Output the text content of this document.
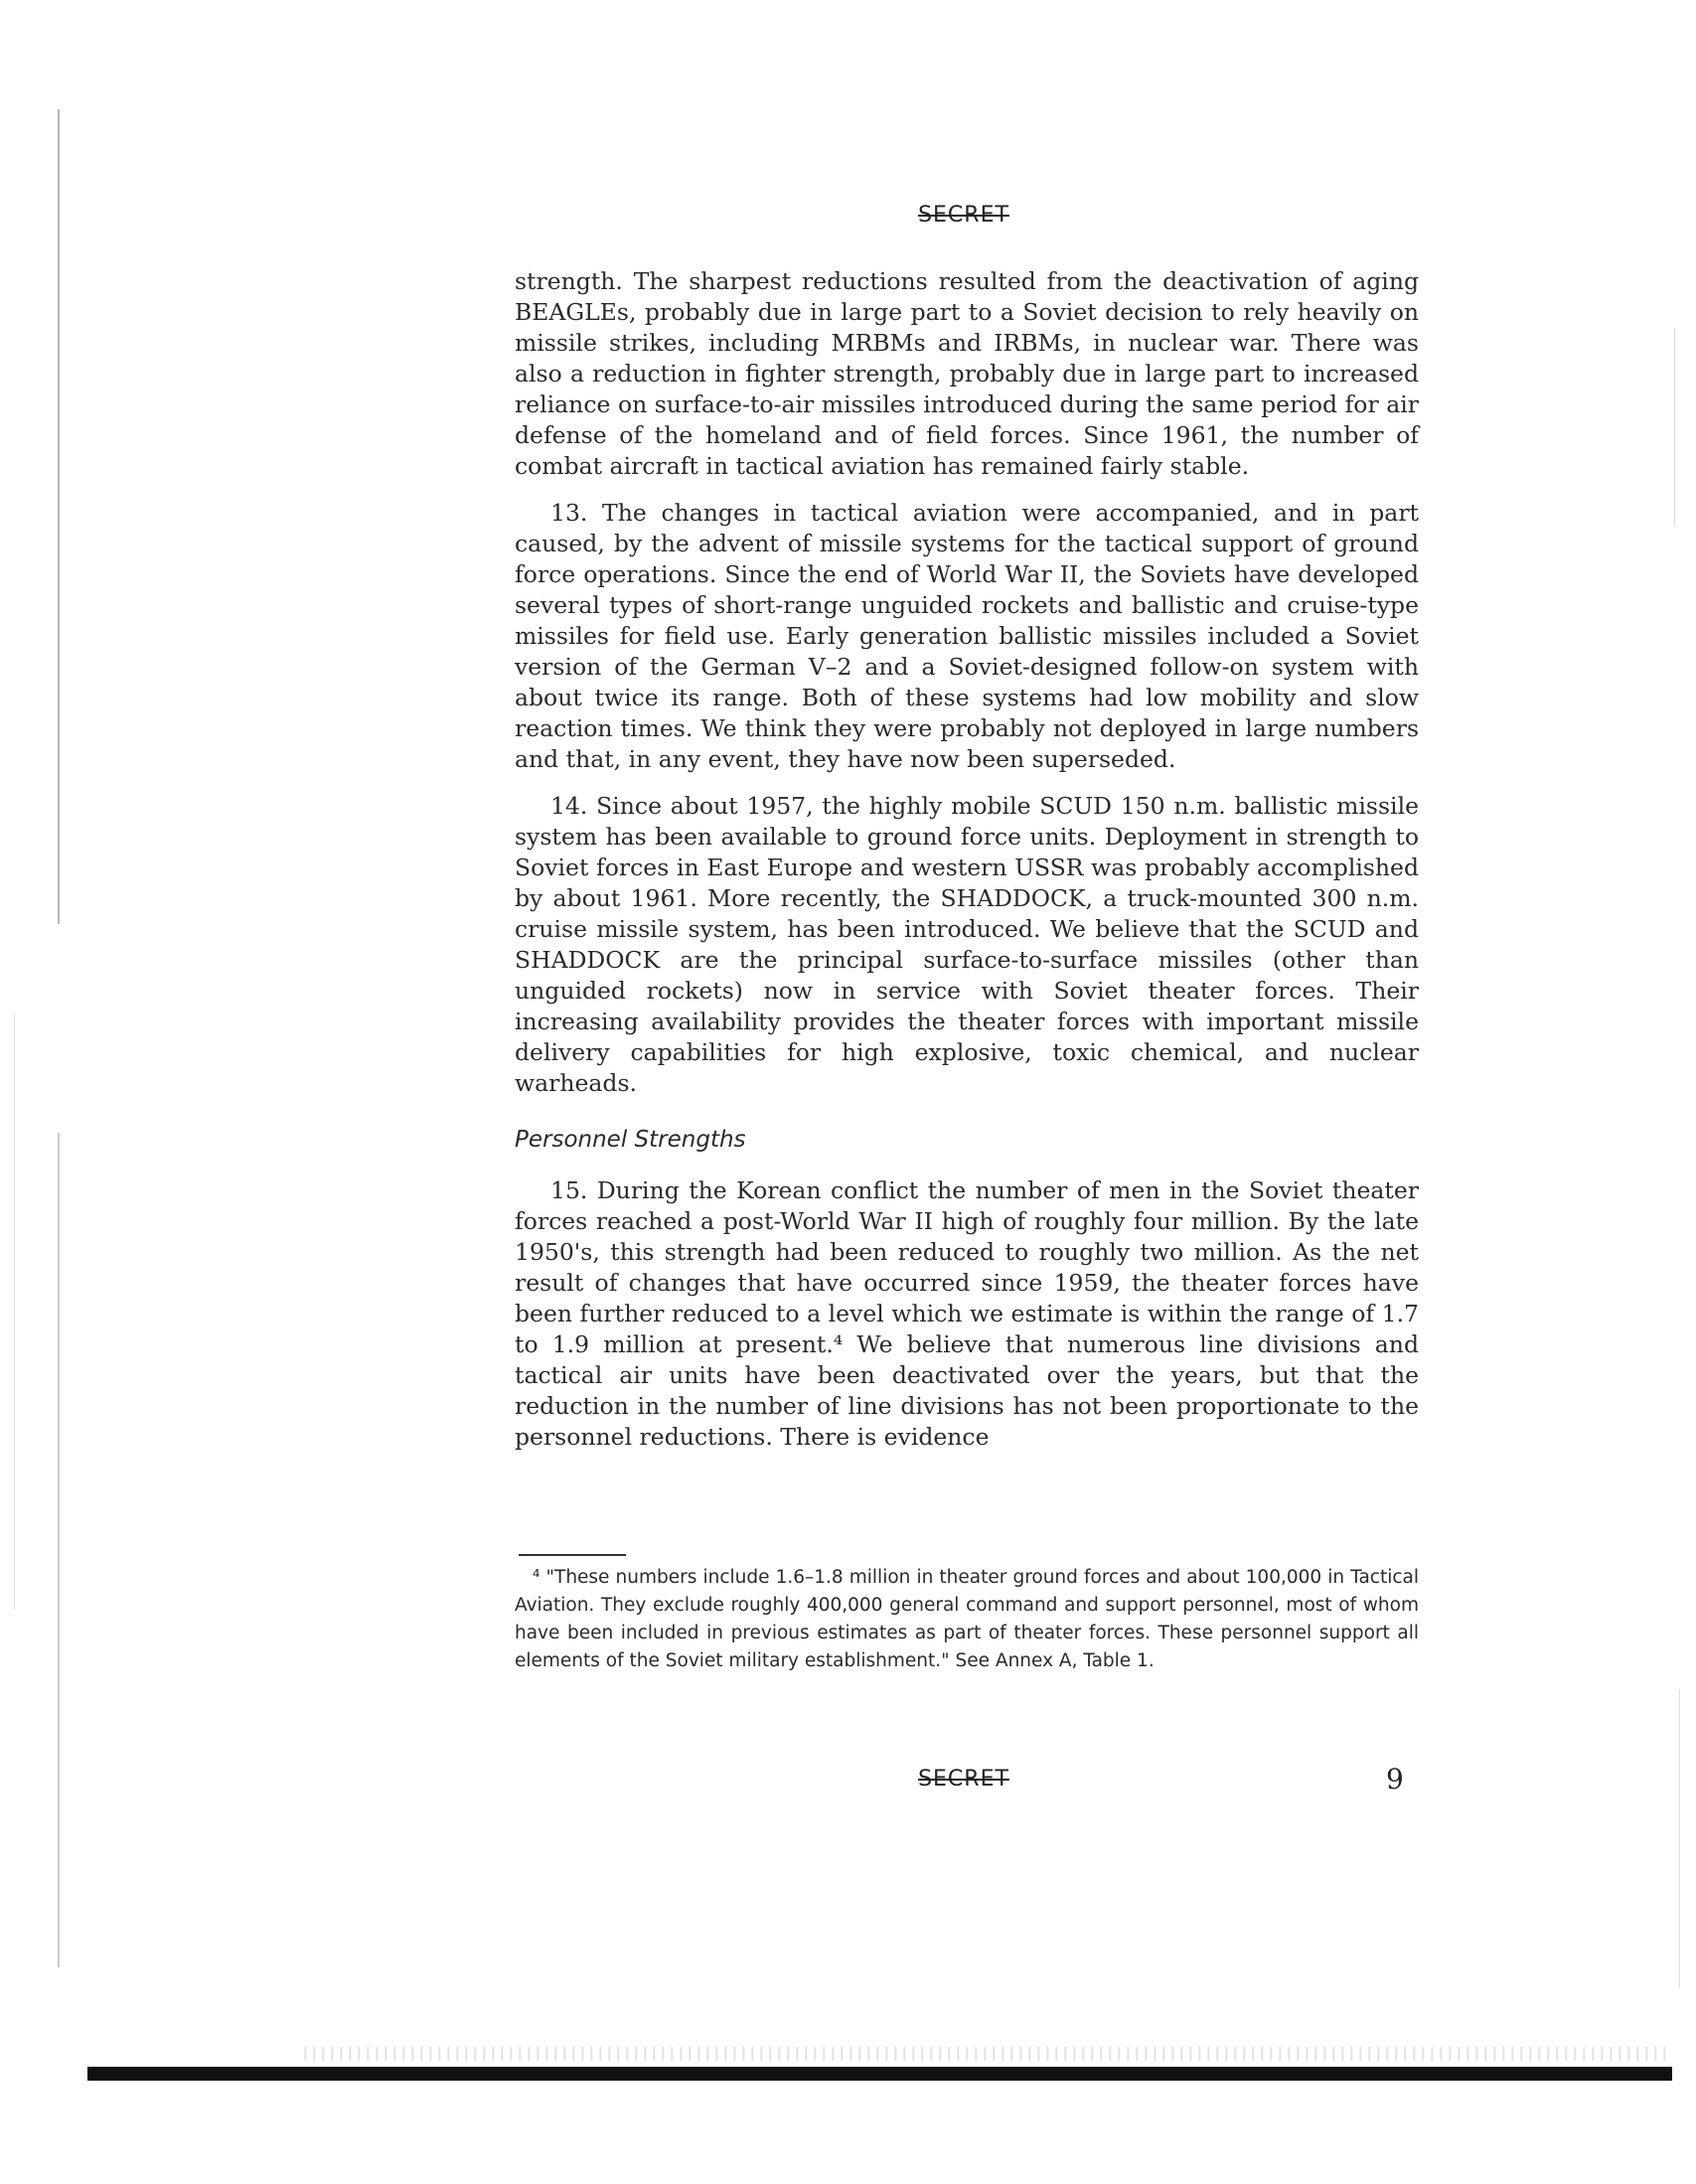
SECRET

strength. The sharpest reductions resulted from the deactivation of aging BEAGLEs, probably due in large part to a Soviet decision to rely heavily on missile strikes, including MRBMs and IRBMs, in nuclear war. There was also a reduction in fighter strength, probably due in large part to increased reliance on surface-to-air missiles introduced during the same period for air defense of the homeland and of field forces. Since 1961, the number of combat aircraft in tactical aviation has remained fairly stable.

13. The changes in tactical aviation were accompanied, and in part caused, by the advent of missile systems for the tactical support of ground force operations. Since the end of World War II, the Soviets have developed several types of short-range unguided rockets and ballistic and cruise-type missiles for field use. Early generation ballistic missiles included a Soviet version of the German V–2 and a Soviet-designed follow-on system with about twice its range. Both of these systems had low mobility and slow reaction times. We think they were probably not deployed in large numbers and that, in any event, they have now been superseded.

14. Since about 1957, the highly mobile SCUD 150 n.m. ballistic missile system has been available to ground force units. Deployment in strength to Soviet forces in East Europe and western USSR was probably accomplished by about 1961. More recently, the SHADDOCK, a truck-mounted 300 n.m. cruise missile system, has been introduced. We believe that the SCUD and SHADDOCK are the principal surface-to-surface missiles (other than unguided rockets) now in service with Soviet theater forces. Their increasing availability provides the theater forces with important missile delivery capabilities for high explosive, toxic chemical, and nuclear warheads.

Personnel Strengths

15. During the Korean conflict the number of men in the Soviet theater forces reached a post-World War II high of roughly four million. By the late 1950's, this strength had been reduced to roughly two million. As the net result of changes that have occurred since 1959, the theater forces have been further reduced to a level which we estimate is within the range of 1.7 to 1.9 million at present.⁴ We believe that numerous line divisions and tactical air units have been deactivated over the years, but that the reduction in the number of line divisions has not been proportionate to the personnel reductions. There is evidence

⁴ "These numbers include 1.6–1.8 million in theater ground forces and about 100,000 in Tactical Aviation. They exclude roughly 400,000 general command and support personnel, most of whom have been included in previous estimates as part of theater forces. These personnel support all elements of the Soviet military establishment." See Annex A, Table 1.
SECRET	9
